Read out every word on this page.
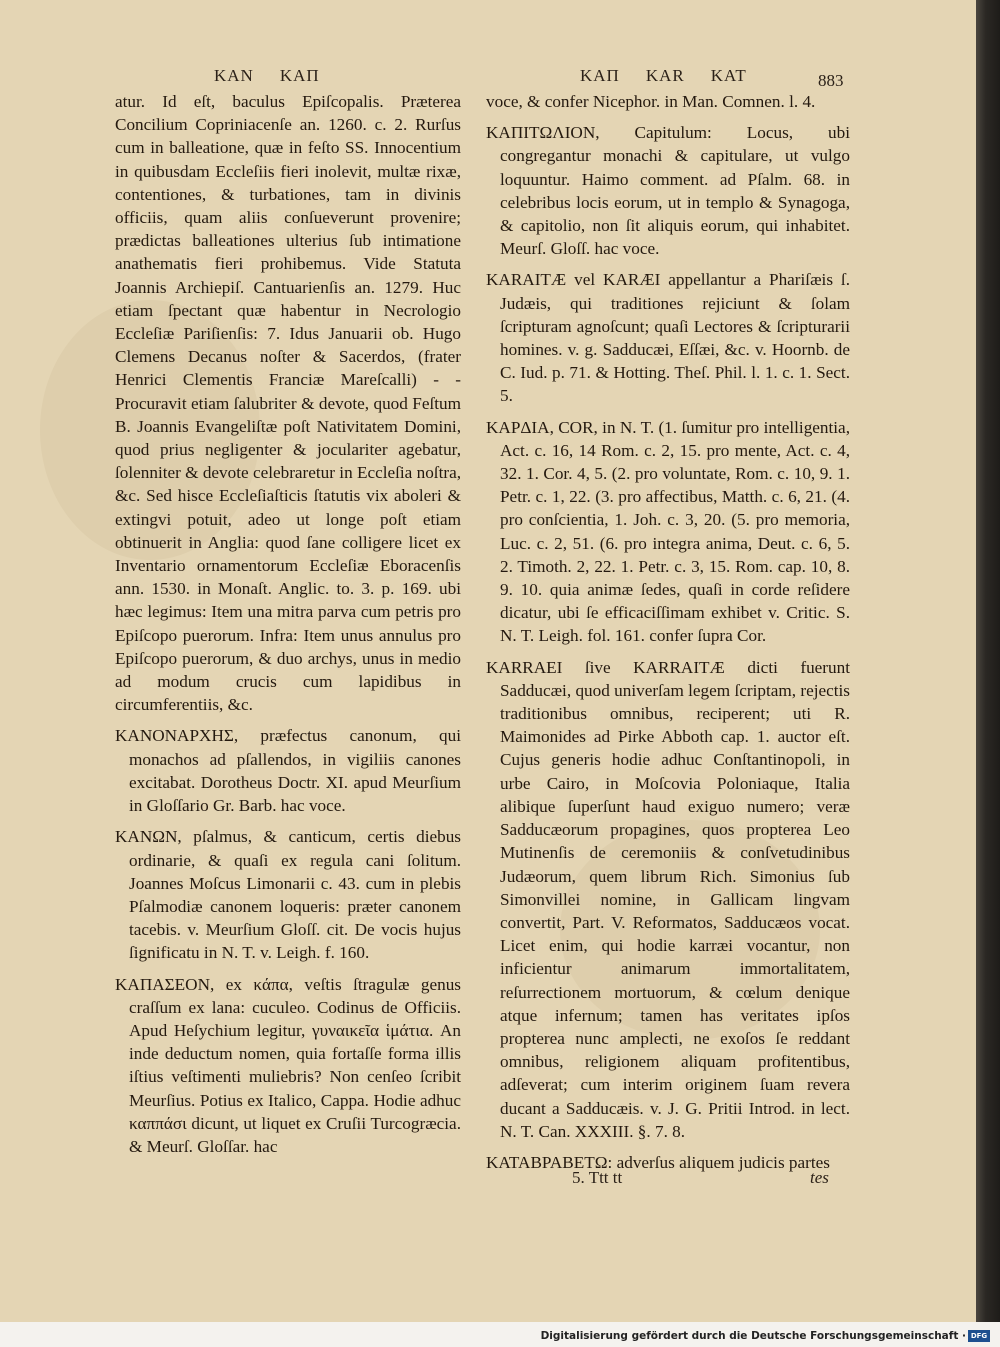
KAN KAΠ	KAΠ KAR KAT	883

atur. Id eſt, baculus Epiſcopalis. Præterea Concilium Copriniacenſe an. 1260. c. 2. Rurſus cum in balleatione, quæ in feſto SS. Innocentium in quibusdam Eccleſiis fieri inolevit, multæ rixæ, contentiones, & turbationes, tam in divinis officiis, quam aliis conſueverunt provenire; prædictas balleationes ulterius ſub intimatione anathematis fieri prohibemus. Vide Statuta Joannis Archiepiſ. Cantuarienſis an. 1279. Huc etiam ſpectant quæ habentur in Necrologio Eccleſiæ Pariſienſis: 7. Idus Januarii ob. Hugo Clemens Decanus noſter & Sacerdos, (frater Henrici Clementis Franciæ Mareſcalli) - - Procuravit etiam ſalubriter & devote, quod Feſtum B. Joannis Evangeliſtæ poſt Nativitatem Domini, quod prius negligenter & joculariter agebatur, ſolenniter & devote celebraretur in Eccleſia noſtra, &c. Sed hisce Eccleſiaſticis ſtatutis vix aboleri & extingvi potuit, adeo ut longe poſt etiam obtinuerit in Anglia: quod ſane colligere licet ex Inventario ornamentorum Eccleſiæ Eboracenſis ann. 1530. in Monaſt. Anglic. to. 3. p. 169. ubi hæc legimus: Item una mitra parva cum petris pro Epiſcopo puerorum. Infra: Item unus annulus pro Epiſcopo puerorum, & duo archys, unus in medio ad modum crucis cum lapidibus in circumferentiis, &c.

KANONAPXHΣ, præfectus canonum, qui monachos ad pſallendos, in vigiliis canones excitabat. Dorotheus Doctr. XI. apud Meurſium in Gloſſario Gr. Barb. hac voce.

KANΩN, pſalmus, & canticum, certis diebus ordinarie, & quaſi ex regula cani ſolitum. Joannes Moſcus Limonarii c. 43. cum in plebis Pſalmodiæ canonem loqueris: præter canonem tacebis. v. Meurſium Gloſſ. cit. De vocis hujus ſignificatu in N. T. v. Leigh. f. 160.

KAΠAΣEON, ex κάπα, veſtis ſtragulæ genus craſſum ex lana: cuculeo. Codinus de Officiis. Apud Heſychium legitur, γυναικεῖα ἱμάτια. An inde deductum nomen, quia fortaſſe forma illis iſtius veſtimenti muliebris? Non cenſeo ſcribit Meurſius. Potius ex Italico, Cappa. Hodie adhuc καππάσι dicunt, ut liquet ex Cruſii Turcogræcia. & Meurſ. Gloſſar. hac

voce, & confer Nicephor. in Man. Comnen. l. 4.

KAΠITΩΛION, Capitulum: Locus, ubi congregantur monachi & capitulare, ut vulgo loquuntur. Haimo comment. ad Pſalm. 68. in celebribus locis eorum, ut in templo & Synagoga, & capitolio, non ſit aliquis eorum, qui inhabitet. Meurſ. Gloſſ. hac voce.

KARAITÆ vel KARÆI appellantur a Phariſæis ſ. Judæis, qui traditiones rejiciunt & ſolam ſcripturam agnoſcunt; quaſi Lectores & ſcripturarii homines. v. g. Sadducæi, Eſſæi, &c. v. Hoornb. de C. Iud. p. 71. & Hotting. Theſ. Phil. l. 1. c. 1. Sect. 5.

KAPΔIA, COR, in N. T. (1. ſumitur pro intelligentia, Act. c. 16, 14 Rom. c. 2, 15. pro mente, Act. c. 4, 32. 1. Cor. 4, 5. (2. pro voluntate, Rom. c. 10, 9. 1. Petr. c. 1, 22. (3. pro affectibus, Matth. c. 6, 21. (4. pro conſcientia, 1. Joh. c. 3, 20. (5. pro memoria, Luc. c. 2, 51. (6. pro integra anima, Deut. c. 6, 5. 2. Timoth. 2, 22. 1. Petr. c. 3, 15. Rom. cap. 10, 8. 9. 10. quia animæ ſedes, quaſi in corde reſidere dicatur, ubi ſe efficaciſſimam exhibet v. Critic. S. N. T. Leigh. fol. 161. confer ſupra Cor.

KARRAEI ſive KARRAITÆ dicti fuerunt Sadducæi, quod univerſam legem ſcriptam, rejectis traditionibus omnibus, reciperent; uti R. Maimonides ad Pirke Abboth cap. 1. auctor eſt. Cujus generis hodie adhuc Conſtantinopoli, in urbe Cairo, in Moſcovia Poloniaque, Italia alibique ſuperſunt haud exiguo numero; veræ Sadducæorum propagines, quos propterea Leo Mutinenſis de ceremoniis & conſvetudinibus Judæorum, quem librum Rich. Simonius ſub Simonvillei nomine, in Gallicam lingvam convertit, Part. V. Reformatos, Sadducæos vocat. Licet enim, qui hodie karræi vocantur, non inficientur animarum immortalitatem, reſurrectionem mortuorum, & cœlum denique atque infernum; tamen has veritates ipſos propterea nunc amplecti, ne exoſos ſe reddant omnibus, religionem aliquam profitentibus, adſeverat; cum interim originem ſuam revera ducant a Sadducæis. v. J. G. Pritii Introd. in lect. N. T. Can. XXXIII. §. 7. 8.

KATABPABETΩ: adverſus aliquem judicis partes

5. Ttt tt	tes
Digitalisierung gefördert durch die Deutsche Forschungsgemeinschaft · DFG
